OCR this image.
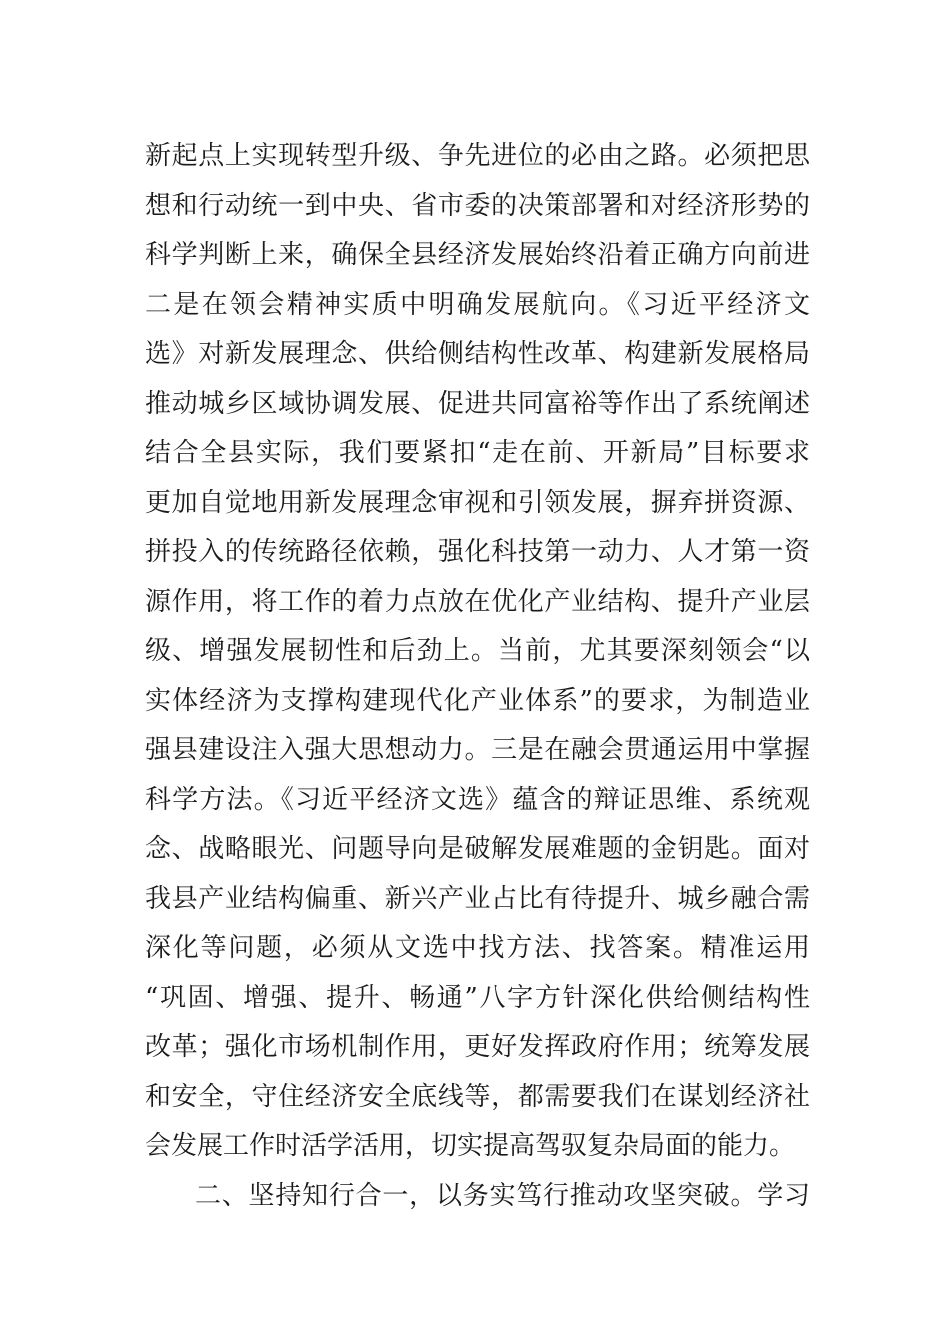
新起点上实现转型升级、争先进位的必由之路。必须把思
想和行动统一到中央、省市委的决策部署和对经济形势的
科学判断上来，确保全县经济发展始终沿着正确方向前进
二是在领会精神实质中明确发展航向。《习近平经济文
选》对新发展理念、供给侧结构性改革、构建新发展格局
推动城乡区域协调发展、促进共同富裕等作出了系统阐述
结合全县实际，我们要紧扣“走在前、开新局”目标要求
更加自觉地用新发展理念审视和引领发展，摒弃拼资源、
拼投入的传统路径依赖，强化科技第一动力、人才第一资
源作用，将工作的着力点放在优化产业结构、提升产业层
级、增强发展韧性和后劲上。当前，尤其要深刻领会“以
实体经济为支撑构建现代化产业体系”的要求，为制造业
强县建设注入强大思想动力。三是在融会贯通运用中掌握
科学方法。《习近平经济文选》蕴含的辩证思维、系统观
念、战略眼光、问题导向是破解发展难题的金钥匙。面对
我县产业结构偏重、新兴产业占比有待提升、城乡融合需
深化等问题，必须从文选中找方法、找答案。精准运用
“巩固、增强、提升、畅通”八字方针深化供给侧结构性
改革；强化市场机制作用，更好发挥政府作用；统筹发展
和安全，守住经济安全底线等，都需要我们在谋划经济社
会发展工作时活学活用，切实提高驾驭复杂局面的能力。
二、坚持知行合一，以务实笃行推动攻坚突破。学习
